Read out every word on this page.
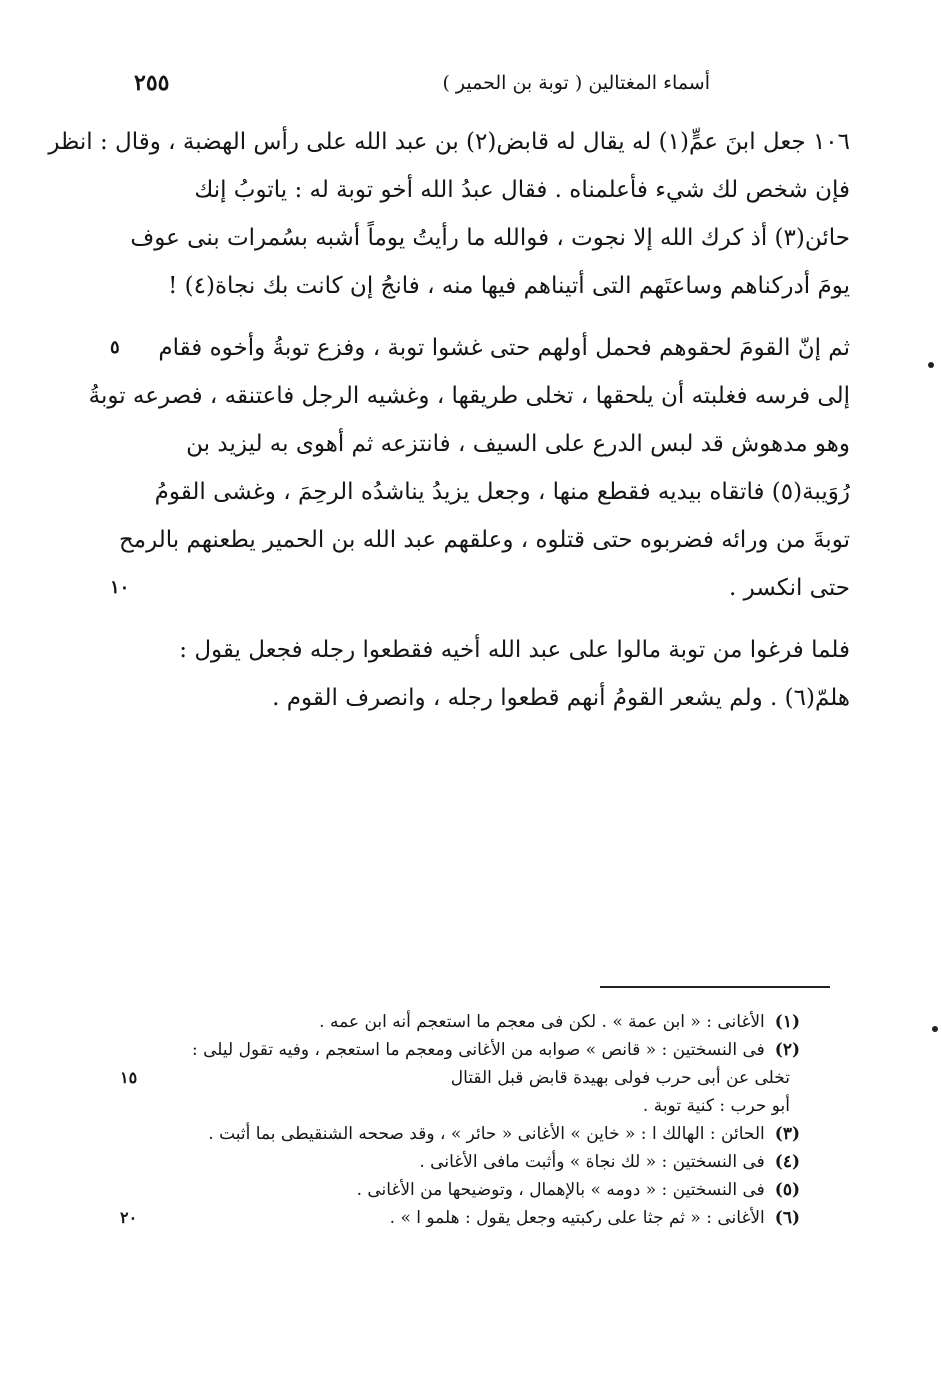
أسماء المغتالين ( توبة بن الحمير )
٢٥٥
١٠٦ جعل ابنَ عمٍّ(١) له يقال له قابض(٢) بن عبد الله على رأس الهضبة ، وقال : انظر
فإن شخص لك شيء فأعلمناه . فقال عبدُ الله أخو توبة له : ياتوبُ إنك
حائن(٣) أذ كرك الله إلا نجوت ، فوالله ما رأيتُ يوماً أشبه بسُمرات بنى عوف
يومَ أدركناهم وساعتَهم التى أتيناهم فيها منه ، فانجُ إن كانت بك نجاة(٤) !
ثم إنّ القومَ لحقوهم فحمل أولهم حتى غشوا توبة ، وفزع توبةُ وأخوه فقام
٥
إلى فرسه فغلبته أن يلحقها ، تخلى طريقها ، وغشيه الرجل فاعتنقه ، فصرعه توبةُ
وهو مدهوش قد لبس الدرع على السيف ، فانتزعه ثم أهوى به ليزيد بن
رُوَيبة(٥) فاتقاه بيديه فقطع منها ، وجعل يزيدُ يناشدُه الرحِمَ ، وغشى القومُ
توبةَ من ورائه فضربوه حتى قتلوه ، وعلقهم عبد الله بن الحمير يطعنهم بالرمح
حتى انكسر .
١٠
فلما فرغوا من توبة مالوا على عبد الله أخيه فقطعوا رجله فجعل يقول :
هلمّ(٦) . ولم يشعر القومُ أنهم قطعوا رجله ، وانصرف القوم .
(١)الأغانى : « ابن عمة » . لكن فى معجم ما استعجم أنه ابن عمه .
(٢)فى النسختين : « قانص » صوابه من الأغانى ومعجم ما استعجم ، وفيه تقول ليلى :
تخلى عن أبى حرب فولى بهيدة قابض قبل القتال
١٥
أبو حرب : كنية توبة .
(٣)الحائن : الهالك ا : « خاين » الأغانى « حائر » ، وقد صححه الشنقيطى بما أثبت .
(٤)فى النسختين : « لك نجاة » وأثبت مافى الأغانى .
(٥)فى النسختين : « دومه » بالإهمال ، وتوضيحها من الأغانى .
(٦)الأغانى : « ثم جثا على ركبتيه وجعل يقول : هلمو ا » .
٢٠
